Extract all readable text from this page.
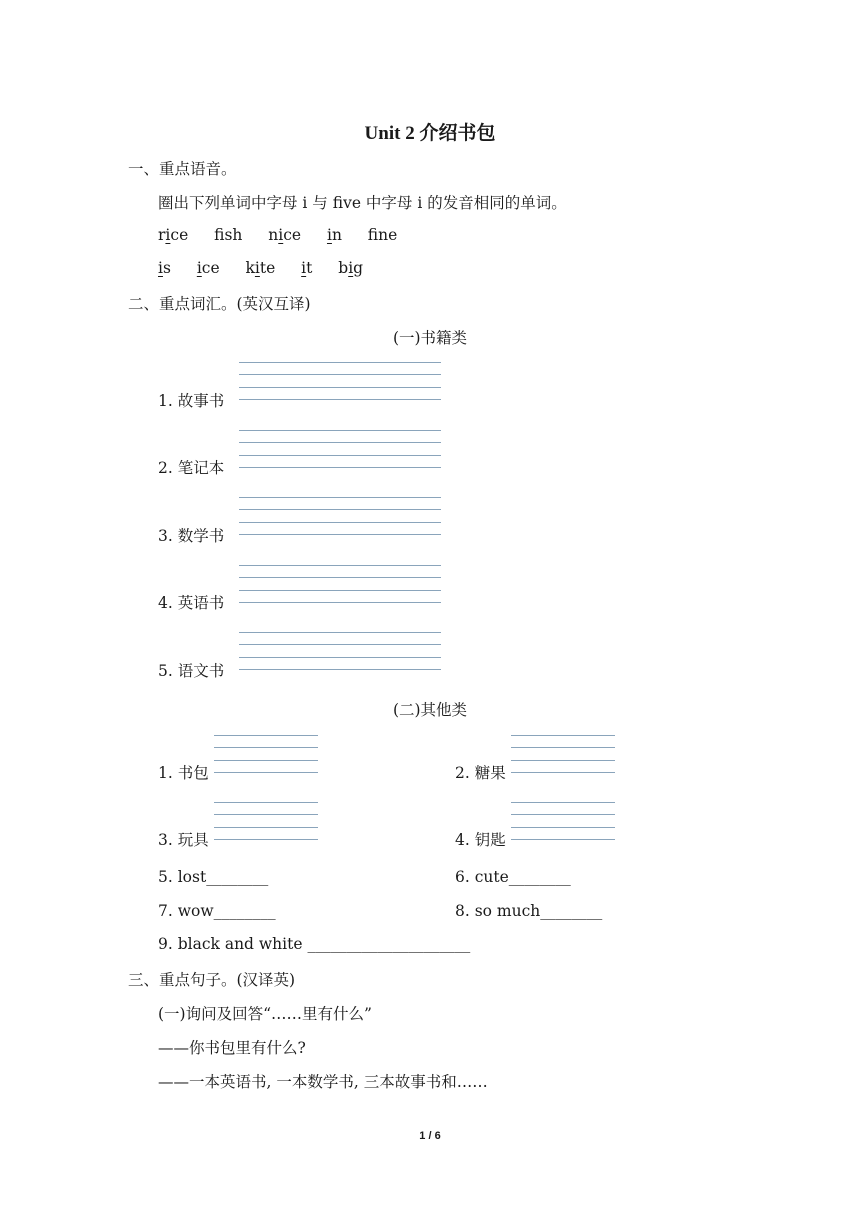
Unit 2 介绍书包
一、重点语音。
圈出下列单词中字母 i 与 five 中字母 i 的发音相同的单词。
rice fsh nice in fne
is ice kite it big
二、重点词汇。(英汉互译)
(一)书籍类
1. 故事书
2. 笔记本
3. 数学书
4. 英语书
5. 语文书
(二)其他类
1. 书包	2. 糖果
3. 玩具	4. 钥匙
5. lost________	6. cute________
7. wow________	8. so much________
9. black and white _____________________
三、重点句子。(汉译英)
(一)询问及回答“……里有什么”
——你书包里有什么?
——一本英语书, 一本数学书, 三本故事书和……
1 / 6
